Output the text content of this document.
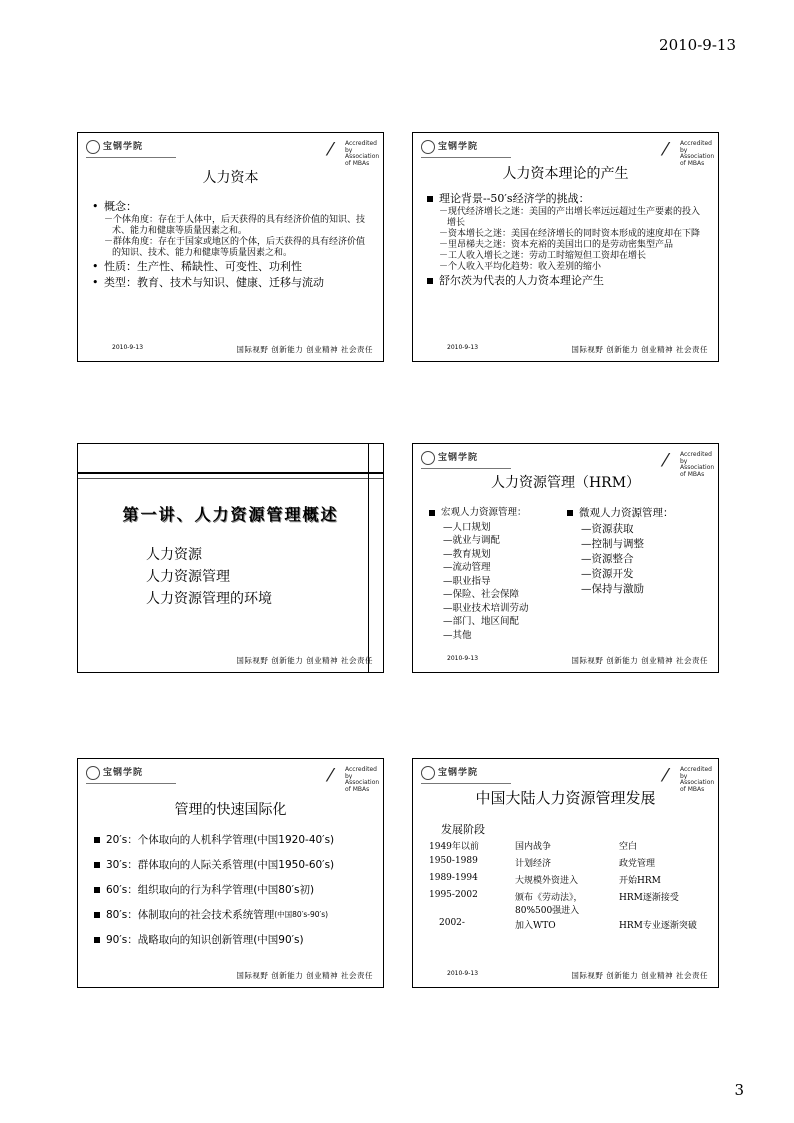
2010-9-13
宝钢学院	⁄ Accredited by
Association
of MBAs
人力资本

• 概念：

－个体角度：存在于人体中，后天获得的具有经济价值的知识、技术、能力和健康等质量因素之和。

－群体角度：存在于国家或地区的个体，后天获得的具有经济价值的知识、技术、能力和健康等质量因素之和。

• 性质：生产性、稀缺性、可变性、功利性

• 类型：教育、技术与知识、健康、迁移与流动

2010-9-13	国际视野 创新能力 创业精神 社会责任
宝钢学院	⁄ Accredited by
Association
of MBAs
人力资本理论的产生

理论背景--50′s经济学的挑战：

－现代经济增长之迷：美国的产出增长率远远超过生产要素的投入增长

－资本增长之迷：美国在经济增长的同时资本形成的速度却在下降

－里昂梯夫之迷：资本充裕的美国出口的是劳动密集型产品

－工人收入增长之迷：劳动工时缩短但工资却在增长

－个人收入平均化趋势：收入差别的缩小

舒尔茨为代表的人力资本理论产生

2010-9-13	国际视野 创新能力 创业精神 社会责任
第一讲、人力资源管理概述
人力资源
人力资源管理
人力资源管理的环境
国际视野 创新能力 创业精神 社会责任
宝钢学院	⁄ Accredited by
Association
of MBAs
人力资源管理（HRM）
宏观人力资源管理：
—人口规划
—就业与调配
—教育规划
—流动管理
—职业指导
—保险、社会保障
—职业技术培训劳动
—部门、地区间配
—其他
微观人力资源管理：
—资源获取
—控制与调整
—资源整合
—资源开发
—保持与激励
2010-9-13	国际视野 创新能力 创业精神 社会责任
宝钢学院	⁄ Accredited by
Association
of MBAs
管理的快速国际化
20′s：个体取向的人机科学管理(中国1920-40′s)
30′s：群体取向的人际关系管理(中国1950-60′s)
60′s：组织取向的行为科学管理(中国80′s初)
80′s：体制取向的社会技术系统管理 (中国80′s-90′s)
90′s：战略取向的知识创新管理(中国90′s)
国际视野 创新能力 创业精神 社会责任
宝钢学院	⁄ Accredited by
Association
of MBAs
中国大陆人力资源管理发展
发展阶段
1949年以前	国内战争	空白
1950-1989	计划经济	政党管理
1989-1994	大规模外资进入	开始HRM
1995-2002	颁布《劳动法》，80%500强进入	HRM逐渐接受
2002-	加入WTO	HRM专业逐渐突破
2010-9-13	国际视野 创新能力 创业精神 社会责任
3
